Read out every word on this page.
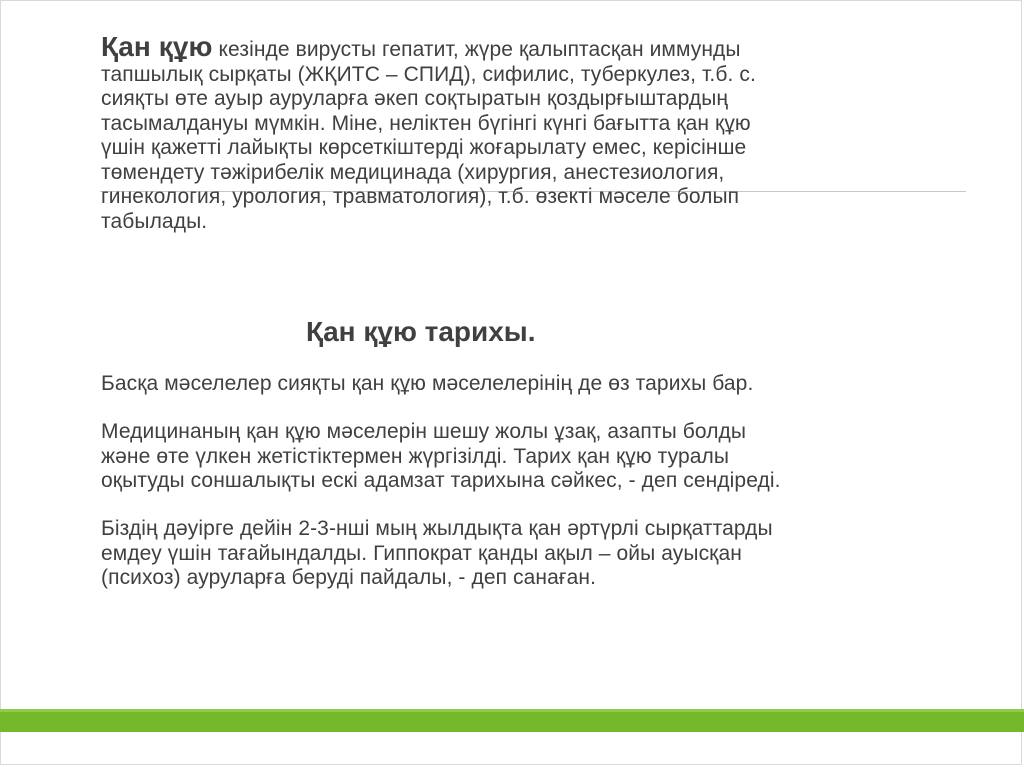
Қан құю кезінде вирусты гепатит, жүре қалыптасқан иммунды
тапшылық сырқаты (ЖҚИТС – СПИД), сифилис, туберкулез, т.б. с.
сияқты өте ауыр ауруларға әкеп соқтыратын қоздырғыштардың
тасымалдануы мүмкін. Міне, неліктен бүгінгі күнгі бағытта қан құю
үшін қажетті лайықты көрсеткіштерді жоғарылату емес, керісінше
төмендету тәжірибелік медицинада (хирургия, анестезиология,
гинекология, урология, травматология), т.б. өзекті мәселе болып
табылады.
Қан құю тарихы.
Басқа мәселелер сияқты қан құю мәселелерінің де өз тарихы бар.
Медицинаның қан құю мәселерін шешу жолы ұзақ, азапты болды
және өте үлкен жетістіктермен жүргізілді. Тарих қан құю туралы
оқытуды соншалықты ескі адамзат тарихына сәйкес, - деп сендіреді.
Біздің дәуірге дейін 2-3-нші мың жылдықта қан әртүрлі сырқаттарды
емдеу үшін тағайындалды. Гиппократ қанды ақыл – ойы ауысқан
(психоз) ауруларға беруді пайдалы, - деп санаған.
